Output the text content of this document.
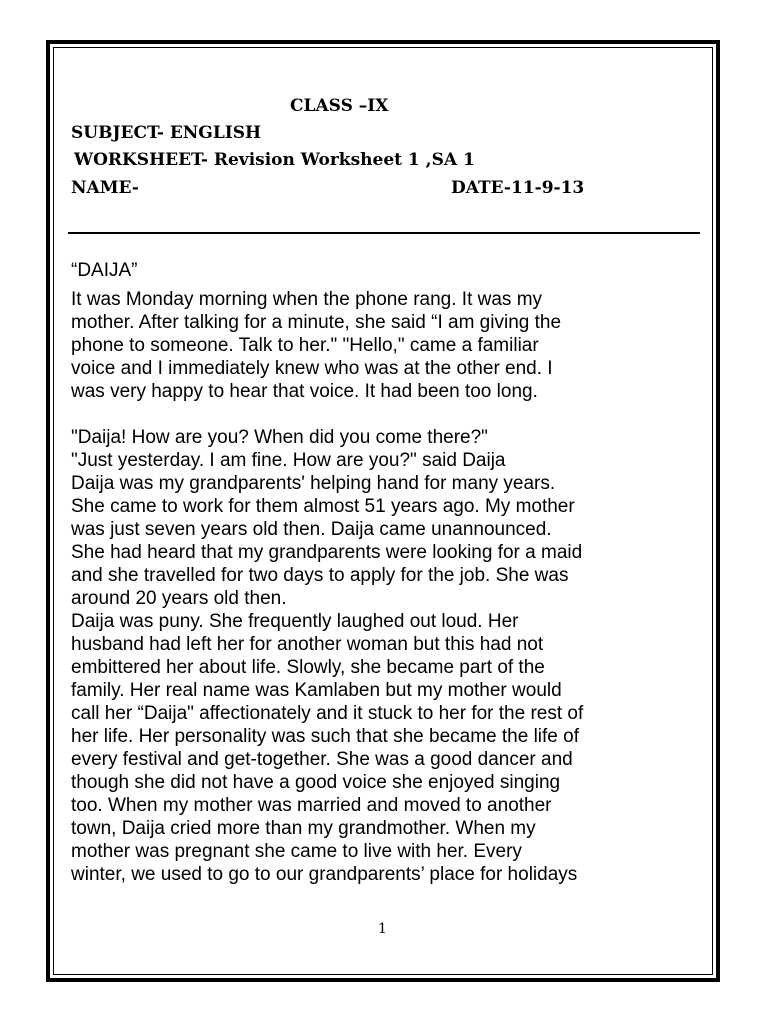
CLASS –IX
SUBJECT- ENGLISH
WORKSHEET- Revision Worksheet 1 ,SA 1
NAME-	DATE-11-9-13
“DAIJA”
It was Monday morning when the phone rang. It was my
mother. After talking for a minute, she said “I am giving the
phone to someone. Talk to her." "Hello," came a familiar
voice and I immediately knew who was at the other end. I
was very happy to hear that voice. It had been too long.
"Daija! How are you? When did you come there?"
"Just yesterday. I am fine. How are you?" said Daija
Daija was my grandparents' helping hand for many years.
She came to work for them almost 51 years ago. My mother
was just seven years old then. Daija came unannounced.
She had heard that my grandparents were looking for a maid
and she travelled for two days to apply for the job. She was
around 20 years old then.
Daija was puny. She frequently laughed out loud. Her
husband had left her for another woman but this had not
embittered her about life. Slowly, she became part of the
family. Her real name was Kamlaben but my mother would
call her “Daija" affectionately and it stuck to her for the rest of
her life. Her personality was such that she became the life of
every festival and get-together. She was a good dancer and
though she did not have a good voice she enjoyed singing
too. When my mother was married and moved to another
town, Daija cried more than my grandmother. When my
mother was pregnant she came to live with her. Every
winter, we used to go to our grandparents’ place for holidays
1
